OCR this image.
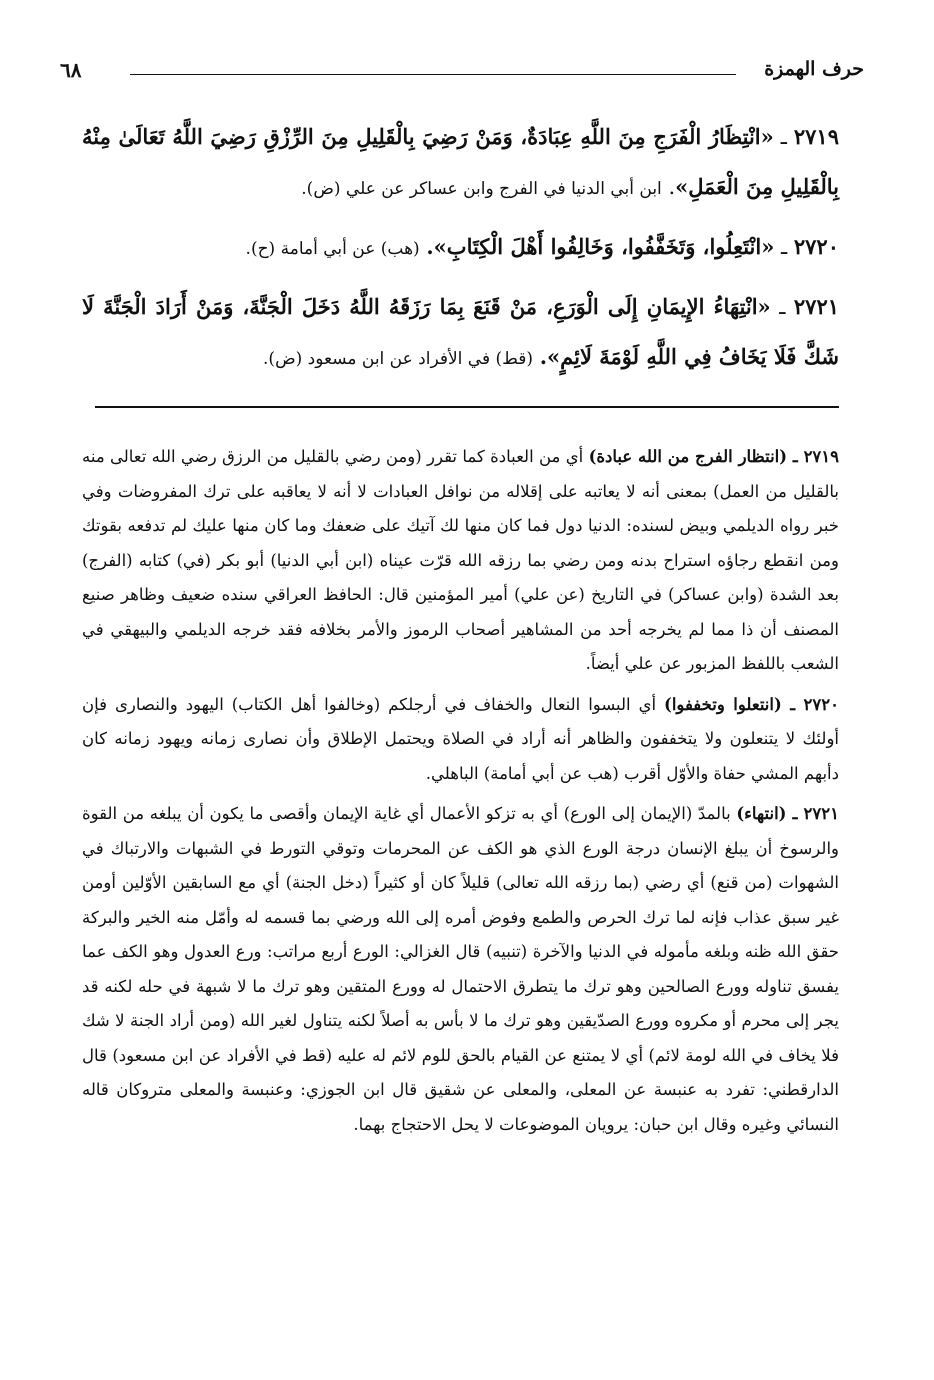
حرف الهمزة
٦٨

٢٧١٩ ـ «انْتِظَارُ الْفَرَجِ مِنَ اللَّهِ عِبَادَةٌ، وَمَنْ رَضِيَ بِالْقَلِيلِ مِنَ الرِّزْقِ رَضِيَ اللَّهُ تَعَالَىٰ مِنْهُ بِالْقَلِيلِ مِنَ الْعَمَلِ». ابن أبي الدنيا في الفرج وابن عساكر عن علي (ض).

٢٧٢٠ ـ «انْتَعِلُوا، وَتَخَفَّفُوا، وَخَالِفُوا أَهْلَ الْكِتَابِ». (هب) عن أبي أمامة (ح).

٢٧٢١ ـ «انْتِهَاءُ الإِيمَانِ إِلَى الْوَرَعِ، مَنْ قَنَعَ بِمَا رَزَقَهُ اللَّهُ دَخَلَ الْجَنَّةَ، وَمَنْ أَرَادَ الْجَنَّةَ لَا شَكَّ فَلَا يَخَافُ فِي اللَّهِ لَوْمَةَ لَائِمٍ». (قط) في الأفراد عن ابن مسعود (ض).

٢٧١٩ ـ (انتظار الفرج من الله عبادة) أي من العبادة كما تقرر (ومن رضي بالقليل من الرزق رضي الله تعالى منه بالقليل من العمل) بمعنى أنه لا يعاتبه على إقلاله من نوافل العبادات لا أنه لا يعاقبه على ترك المفروضات وفي خبر رواه الديلمي وبيض لسنده: الدنيا دول فما كان منها لك آتيك على ضعفك وما كان منها عليك لم تدفعه بقوتك ومن انقطع رجاؤه استراح بدنه ومن رضي بما رزقه الله قرّت عيناه (ابن أبي الدنيا) أبو بكر (في) كتابه (الفرج) بعد الشدة (وابن عساكر) في التاريخ (عن علي) أمير المؤمنين قال: الحافظ العراقي سنده ضعيف وظاهر صنيع المصنف أن ذا مما لم يخرجه أحد من المشاهير أصحاب الرموز والأمر بخلافه فقد خرجه الديلمي والبيهقي في الشعب باللفظ المزبور عن علي أيضاً.

٢٧٢٠ ـ (انتعلوا وتخففوا) أي البسوا النعال والخفاف في أرجلكم (وخالفوا أهل الكتاب) اليهود والنصارى فإن أولئك لا يتنعلون ولا يتخففون والظاهر أنه أراد في الصلاة ويحتمل الإطلاق وأن نصارى زمانه ويهود زمانه كان دأبهم المشي حفاة والأوّل أقرب (هب عن أبي أمامة) الباهلي.

٢٧٢١ ـ (انتهاء) بالمدّ (الإيمان إلى الورع) أي به تزكو الأعمال أي غاية الإيمان وأقصى ما يكون أن يبلغه من القوة والرسوخ أن يبلغ الإنسان درجة الورع الذي هو الكف عن المحرمات وتوقي التورط في الشبهات والارتباك في الشهوات (من قنع) أي رضي (بما رزقه الله تعالى) قليلاً كان أو كثيراً (دخل الجنة) أي مع السابقين الأوّلين أومن غير سبق عذاب فإنه لما ترك الحرص والطمع وفوض أمره إلى الله ورضي بما قسمه له وأمّل منه الخير والبركة حقق الله ظنه وبلغه مأموله في الدنيا والآخرة (تنبيه) قال الغزالي: الورع أربع مراتب: ورع العدول وهو الكف عما يفسق تناوله وورع الصالحين وهو ترك ما يتطرق الاحتمال له وورع المتقين وهو ترك ما لا شبهة في حله لكنه قد يجر إلى محرم أو مكروه وورع الصدّيقين وهو ترك ما لا بأس به أصلاً لكنه يتناول لغير الله (ومن أراد الجنة لا شك فلا يخاف في الله لومة لائم) أي لا يمتنع عن القيام بالحق للوم لائم له عليه (قط في الأفراد عن ابن مسعود) قال الدارقطني: تفرد به عنبسة عن المعلى، والمعلى عن شقيق قال ابن الجوزي: وعنبسة والمعلى متروكان قاله النسائي وغيره وقال ابن حبان: يرويان الموضوعات لا يحل الاحتجاج بهما.
